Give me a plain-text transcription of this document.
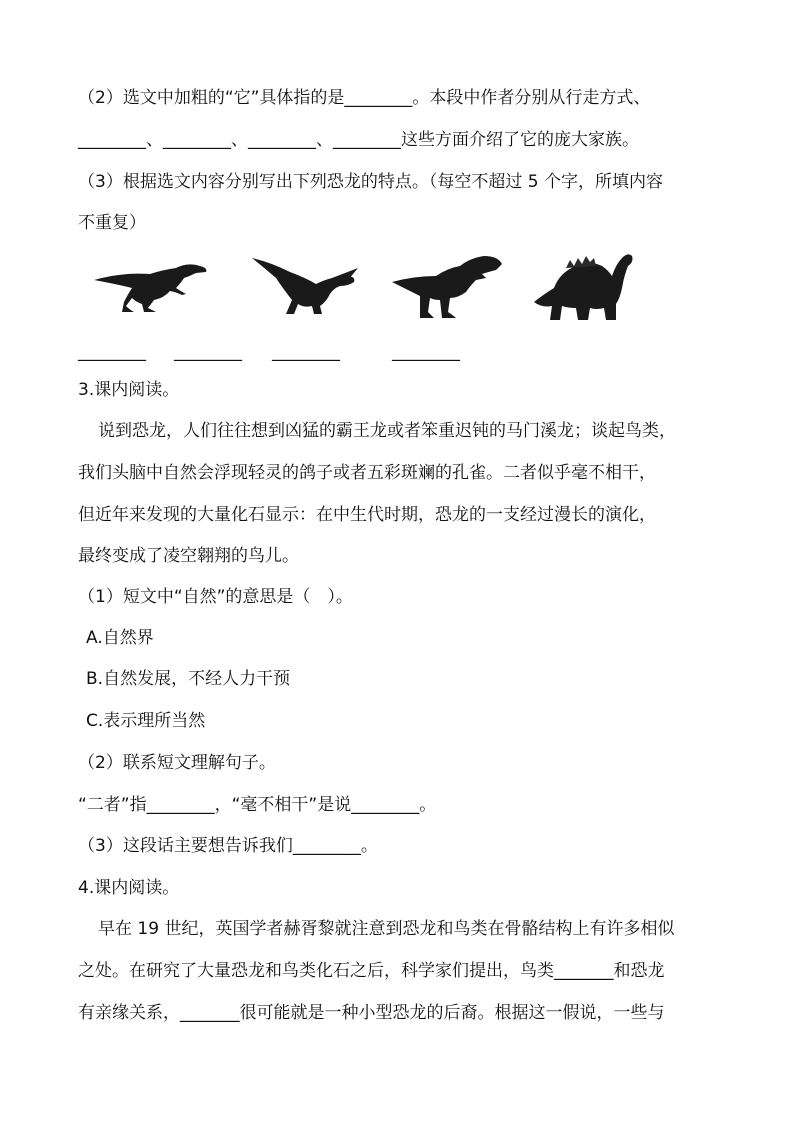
（2）选文中加粗的“它”具体指的是________。本段中作者分别从行走方式、
________、________、________、________这些方面介绍了它的庞大家族。
（3）根据选文内容分别写出下列恐龙的特点。（每空不超过 5 个字，所填内容
不重复）
________ ________ ________	________
3.课内阅读。
说到恐龙，人们往往想到凶猛的霸王龙或者笨重迟钝的马门溪龙；谈起鸟类，
我们头脑中自然会浮现轻灵的鸽子或者五彩斑斓的孔雀。二者似乎毫不相干，
但近年来发现的大量化石显示：在中生代时期，恐龙的一支经过漫长的演化，
最终变成了凌空翱翔的鸟儿。
（1）短文中“自然”的意思是（　）。
A.自然界
B.自然发展，不经人力干预
C.表示理所当然
（2）联系短文理解句子。
“二者”指________，“毫不相干”是说________。
（3）这段话主要想告诉我们________。
4.课内阅读。
早在 19 世纪，英国学者赫胥黎就注意到恐龙和鸟类在骨骼结构上有许多相似
之处。在研究了大量恐龙和鸟类化石之后，科学家们提出，鸟类_______和恐龙
有亲缘关系，_______很可能就是一种小型恐龙的后裔。根据这一假说，一些与
